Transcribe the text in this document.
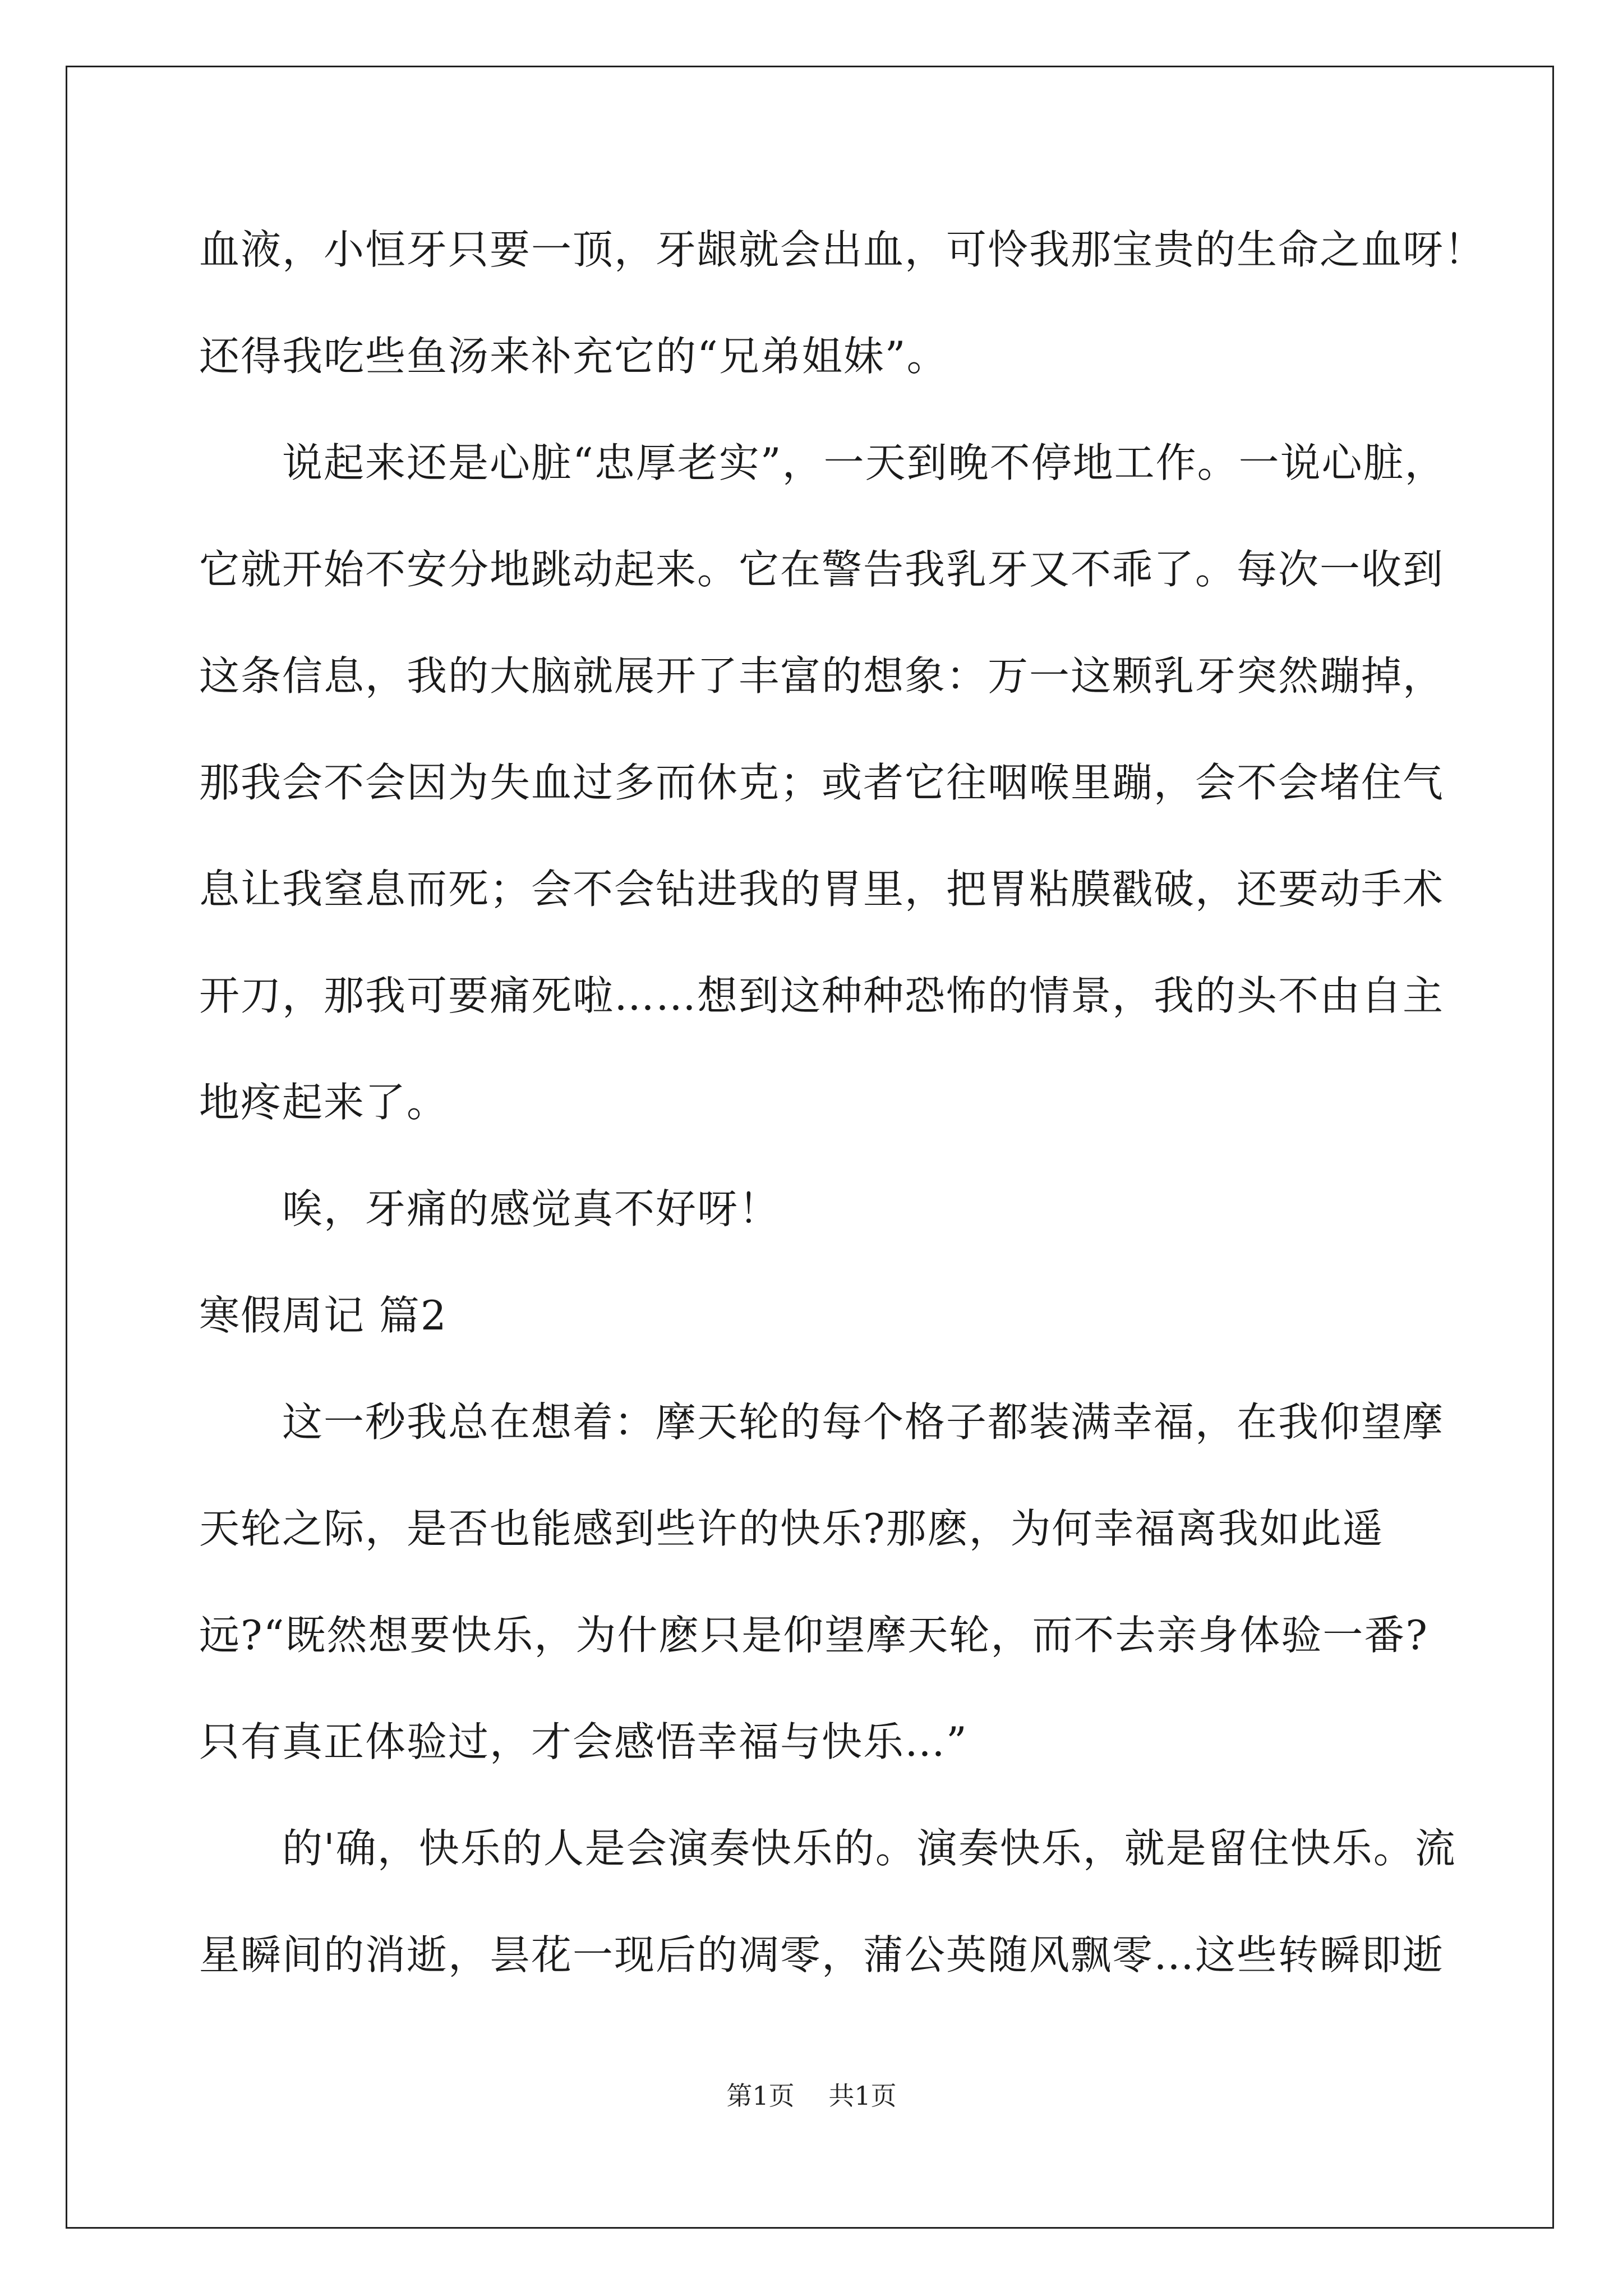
血液，小恒牙只要一顶，牙龈就会出血，可怜我那宝贵的生命之血呀！
还得我吃些鱼汤来补充它的“兄弟姐妹”。
说起来还是心脏“忠厚老实”，一天到晚不停地工作。一说心脏，
它就开始不安分地跳动起来。它在警告我乳牙又不乖了。每次一收到
这条信息，我的大脑就展开了丰富的想象：万一这颗乳牙突然蹦掉，
那我会不会因为失血过多而休克；或者它往咽喉里蹦，会不会堵住气
息让我窒息而死；会不会钻进我的胃里，把胃粘膜戳破，还要动手术
开刀，那我可要痛死啦……想到这种种恐怖的情景，我的头不由自主
地疼起来了。
唉，牙痛的感觉真不好呀！
寒假周记 篇2
这一秒我总在想着：摩天轮的每个格子都装满幸福，在我仰望摩
天轮之际，是否也能感到些许的快乐?那麽，为何幸福离我如此遥
远?“既然想要快乐，为什麽只是仰望摩天轮，而不去亲身体验一番?
只有真正体验过，才会感悟幸福与快乐…”
的'确，快乐的人是会演奏快乐的。演奏快乐，就是留住快乐。流
星瞬间的消逝，昙花一现后的凋零，蒲公英随风飘零…这些转瞬即逝
第1页 共1页
